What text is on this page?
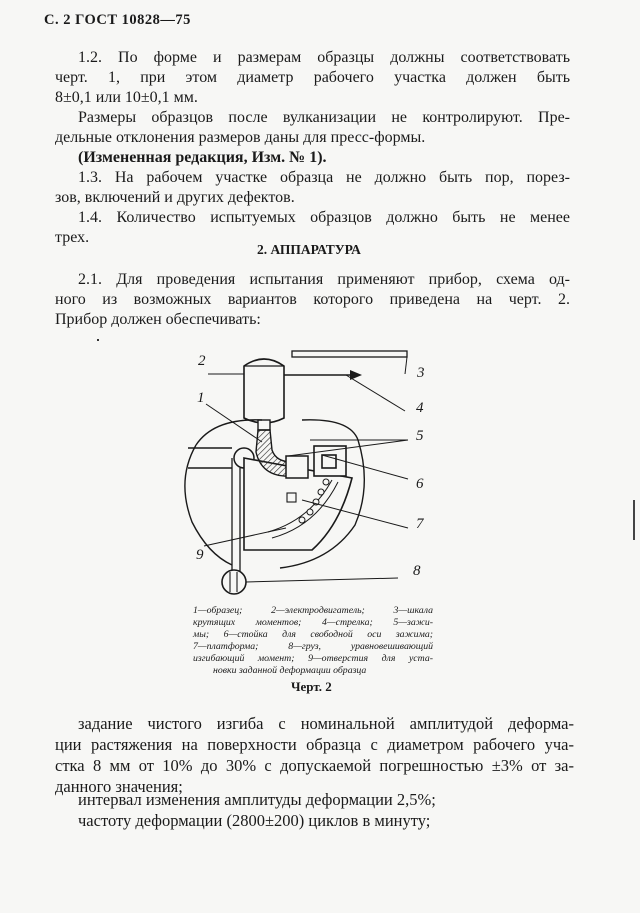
С. 2 ГОСТ 10828—75
1.2. По форме и размерам образцы должны соответствовать
черт. 1, при этом диаметр рабочего участка должен быть
8±0,1 или 10±0,1 мм.
Размеры образцов после вулканизации не контролируют. Пре-
дельные отклонения размеров даны для пресс-формы.
(Измененная редакция, Изм. № 1).
1.3. На рабочем участке образца не должно быть пор, порез-
зов, включений и других дефектов.
1.4. Количество испытуемых образцов должно быть не менее
трех.
2. АППАРАТУРА
2.1. Для проведения испытания применяют прибор, схема од-
ного из возможных вариантов которого приведена на черт. 2.
Прибор должен обеспечивать:
2
1
3
4
5
6
7
9
8
1—образец; 2—электродвигатель; 3—шкала
крутящих моментов; 4—стрелка; 5—зажи-
мы; 6—стойка для свободной оси зажима;
7—платформа; 8—груз, уравновешивающий
изгибающий момент; 9—отверстия для уста-
новки заданной деформации образца
Черт. 2
задание чистого изгиба с номинальной амплитудой деформа-
ции растяжения на поверхности образца с диаметром рабочего уча-
стка 8 мм от 10% до 30% с допускаемой погрешностью ±3% от за-
данного значения;
интервал изменения амплитуды деформации 2,5%;
частоту деформации (2800±200) циклов в минуту;
